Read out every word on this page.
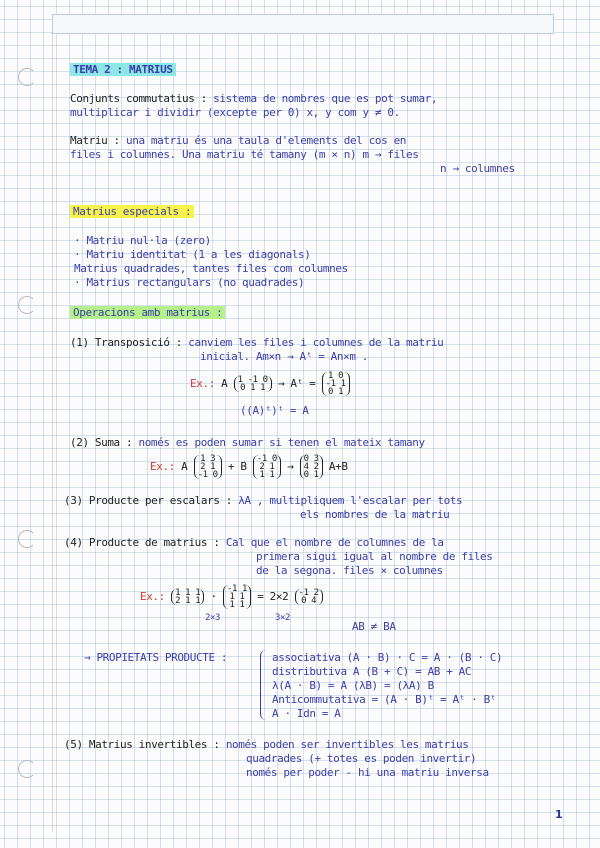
TEMA 2 : MATRIUS
Conjunts commutatius : sistema de nombres que es pot sumar,
multiplicar i dividir (excepte per 0) x, y com y ≠ 0.
Matriu : una matriu és una taula d'elements del cos en
files i columnes. Una matriu té tamany (m × n) m → files
n → columnes
Matrius especials :
· Matriu nul·la (zero)
· Matriu identitat (1 a les diagonals)
Matrius quadrades, tantes files com columnes
· Matrius rectangulars (no quadrades)
Operacions amb matrius :
(1) Transposició : canviem les files i columnes de la matriu
inicial. Am×n → Aᵗ = An×m .
Ex.: A 1 -1 0
0 1 1 → Aᵗ = 1 0
-1 1
0 1
((A)ᵗ)ᵗ = A
(2) Suma : només es poden sumar si tenen el mateix tamany
Ex.: A 1 3
2 1
-1 0 + B -1 0
2 1
1 1 → 0 3
4 2
0 1 A+B
(3) Producte per escalars : λA , multipliquem l'escalar per tots
els nombres de la matriu
(4) Producte de matrius : Cal que el nombre de columnes de la
primera sigui igual al nombre de files
de la segona. files × columnes
Ex.: 1 1 1
2 1 1 · -1 1
1 1
1 1 = 2×2 -1 2
0 4
2×3	3×2
AB ≠ BA
→ PROPIETATS PRODUCTE :	associativa (A · B) · C = A · (B · C)
distributiva A (B + C) = AB + AC
λ(A · B) = A (λB) = (λA) B
Anticommutativa = (A · B)ᵗ = Aᵗ · Bᵗ
A · Idn = A
(5) Matrius invertibles : només poden ser invertibles les matrius
quadrades (+ totes es poden invertir)
només per poder - hi una matriu inversa
1
